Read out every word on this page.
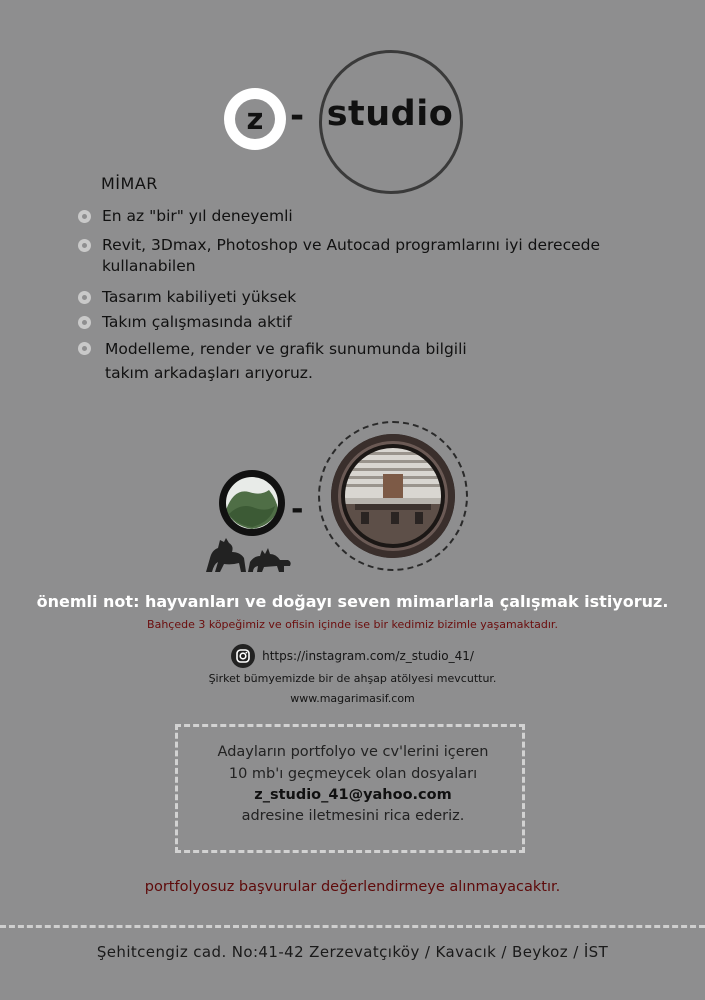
z - studio
MİMAR
En az "bir" yıl deneyemli
Revit, 3Dmax, Photoshop ve Autocad programlarını iyi derecede
kullanabilen
Tasarım kabiliyeti yüksek
Takım çalışmasında aktif
Modelleme, render ve grafik sunumunda bilgili
takım arkadaşları arıyoruz.
-
önemli not: hayvanları ve doğayı seven mimarlarla çalışmak istiyoruz.
Bahçede 3 köpeğimiz ve ofisin içinde ise bir kedimiz bizimle yaşamaktadır.
https://instagram.com/z_studio_41/
Şirket bümyemizde bir de ahşap atölyesi mevcuttur.
www.magarimasif.com
Adayların portfolyo ve cv'lerini içeren
10 mb'ı geçmeycek olan dosyaları
z_studio_41@yahoo.com
adresine iletmesini rica ederiz.
portfolyosuz başvurular değerlendirmeye alınmayacaktır.
Şehitcengiz cad. No:41-42 Zerzevatçıköy / Kavacık / Beykoz / İST
